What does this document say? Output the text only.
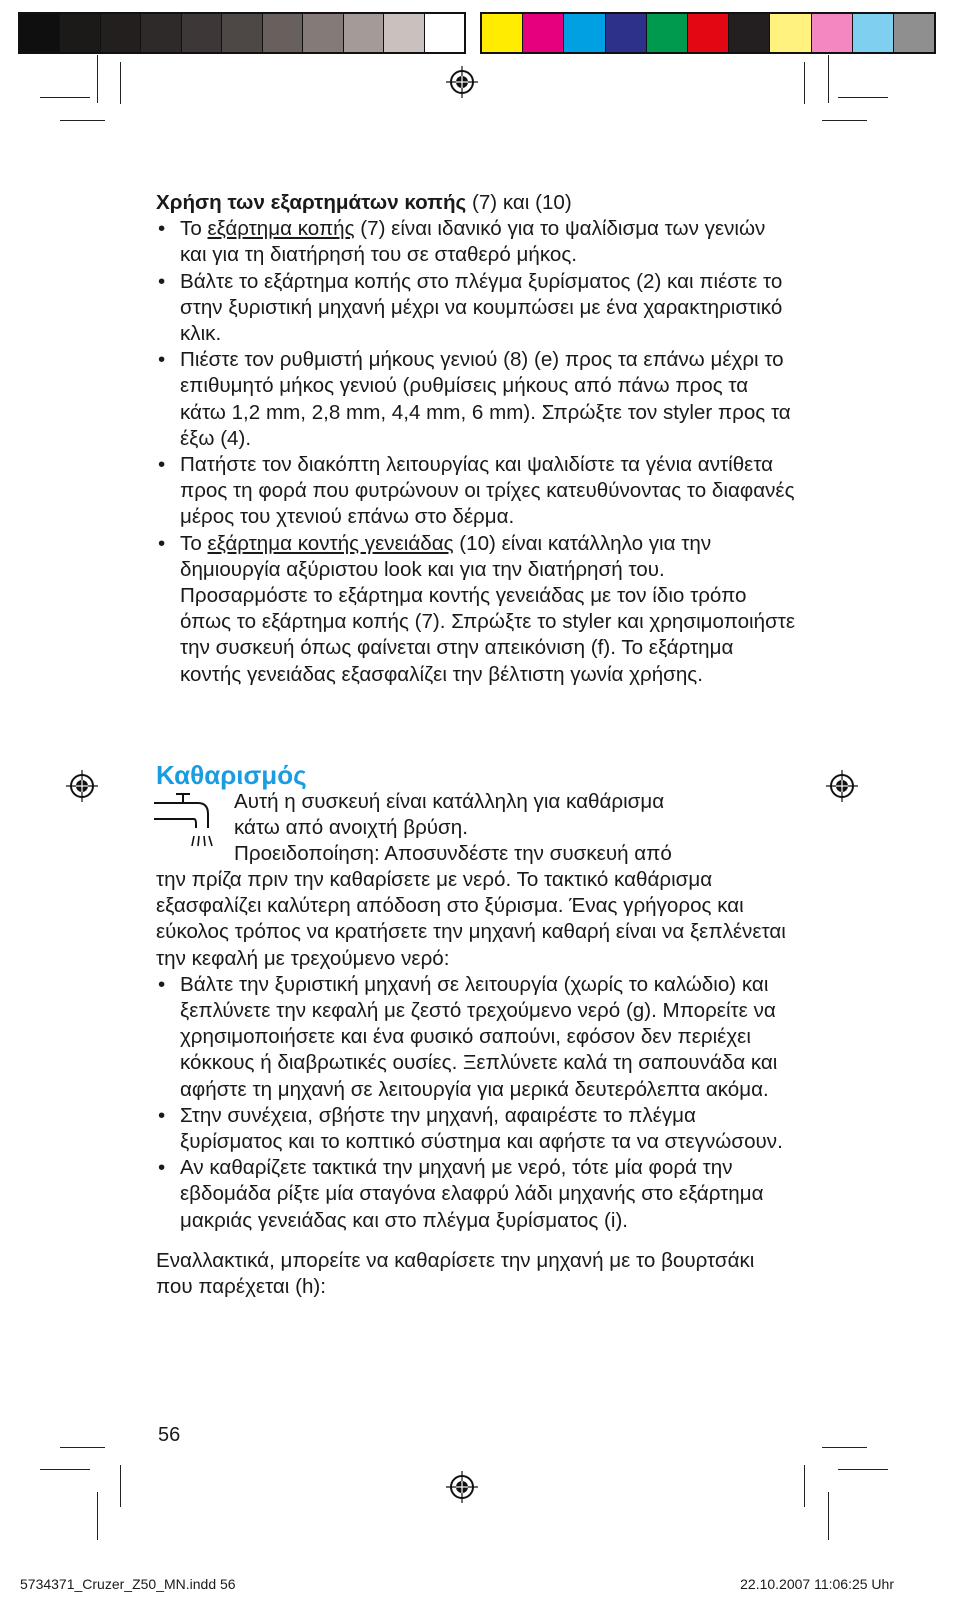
Χρήση των εξαρτημάτων κοπής (7) και (10)

• Το εξάρτημα κοπής (7) είναι ιδανικό για το ψαλίδισμα των γενιών και για τη διατήρησή του σε σταθερό μήκος.
• Βάλτε το εξάρτημα κοπής στο πλέγμα ξυρίσματος (2) και πιέστε το στην ξυριστική μηχανή μέχρι να κουμπώσει με ένα χαρακτηριστικό κλικ.
• Πιέστε τον ρυθμιστή μήκους γενιού (8) (e) προς τα επάνω μέχρι το επιθυμητό μήκος γενιού (ρυθμίσεις μήκους από πάνω προς τα κάτω 1,2 mm, 2,8 mm, 4,4 mm, 6 mm). Σπρώξτε τον styler προς τα έξω (4).
• Πατήστε τον διακόπτη λειτουργίας και ψαλιδίστε τα γένια αντίθετα προς τη φορά που φυτρώνουν οι τρίχες κατευθύνοντας το διαφανές μέρος του χτενιού επάνω στο δέρμα.
• Το εξάρτημα κοντής γενειάδας (10) είναι κατάλληλο για την δημιουργία αξύριστου look και για την διατήρησή του. Προσαρμόστε το εξάρτημα κοντής γενειάδας με τον ίδιο τρόπο όπως το εξάρτημα κοπής (7). Σπρώξτε το styler και χρησιμοποιήστε την συσκευή όπως φαίνεται στην απεικόνιση (f). Το εξάρτημα κοντής γενειάδας εξασφαλίζει την βέλτιστη γωνία χρήσης.
Καθαρισμός

Αυτή η συσκευή είναι κατάλληλη για καθάρισμα

κάτω από ανοιχτή βρύση.

Προειδοποίηση: Αποσυνδέστε την συσκευή από

την πρίζα πριν την καθαρίσετε με νερό. Το τακτικό καθάρισμα εξασφαλίζει καλύτερη απόδοση στο ξύρισμα. Ένας γρήγορος και εύκολος τρόπος να κρατήσετε την μηχανή καθαρή είναι να ξεπλένεται την κεφαλή με τρεχούμενο νερό:

• Βάλτε την ξυριστική μηχανή σε λειτουργία (χωρίς το καλώδιο) και ξεπλύνετε την κεφαλή με ζεστό τρεχούμενο νερό (g). Μπορείτε να χρησιμοποιήσετε και ένα φυσικό σαπούνι, εφόσον δεν περιέχει κόκκους ή διαβρωτικές ουσίες. Ξεπλύνετε καλά τη σαπουνάδα και αφήστε τη μηχανή σε λειτουργία για μερικά δευτερόλεπτα ακόμα.
• Στην συνέχεια, σβήστε την μηχανή, αφαιρέστε το πλέγμα ξυρίσματος και το κοπτικό σύστημα και αφήστε τα να στεγνώσουν.
• Αν καθαρίζετε τακτικά την μηχανή με νερό, τότε μία φορά την εβδομάδα ρίξτε μία σταγόνα ελαφρύ λάδι μηχανής στο εξάρτημα μακριάς γενειάδας και στο πλέγμα ξυρίσματος (i).

Εναλλακτικά, μπορείτε να καθαρίσετε την μηχανή με το βουρτσάκι που παρέχεται (h):

56
5734371_Cruzer_Z50_MN.indd 56	22.10.2007 11:06:25 Uhr
